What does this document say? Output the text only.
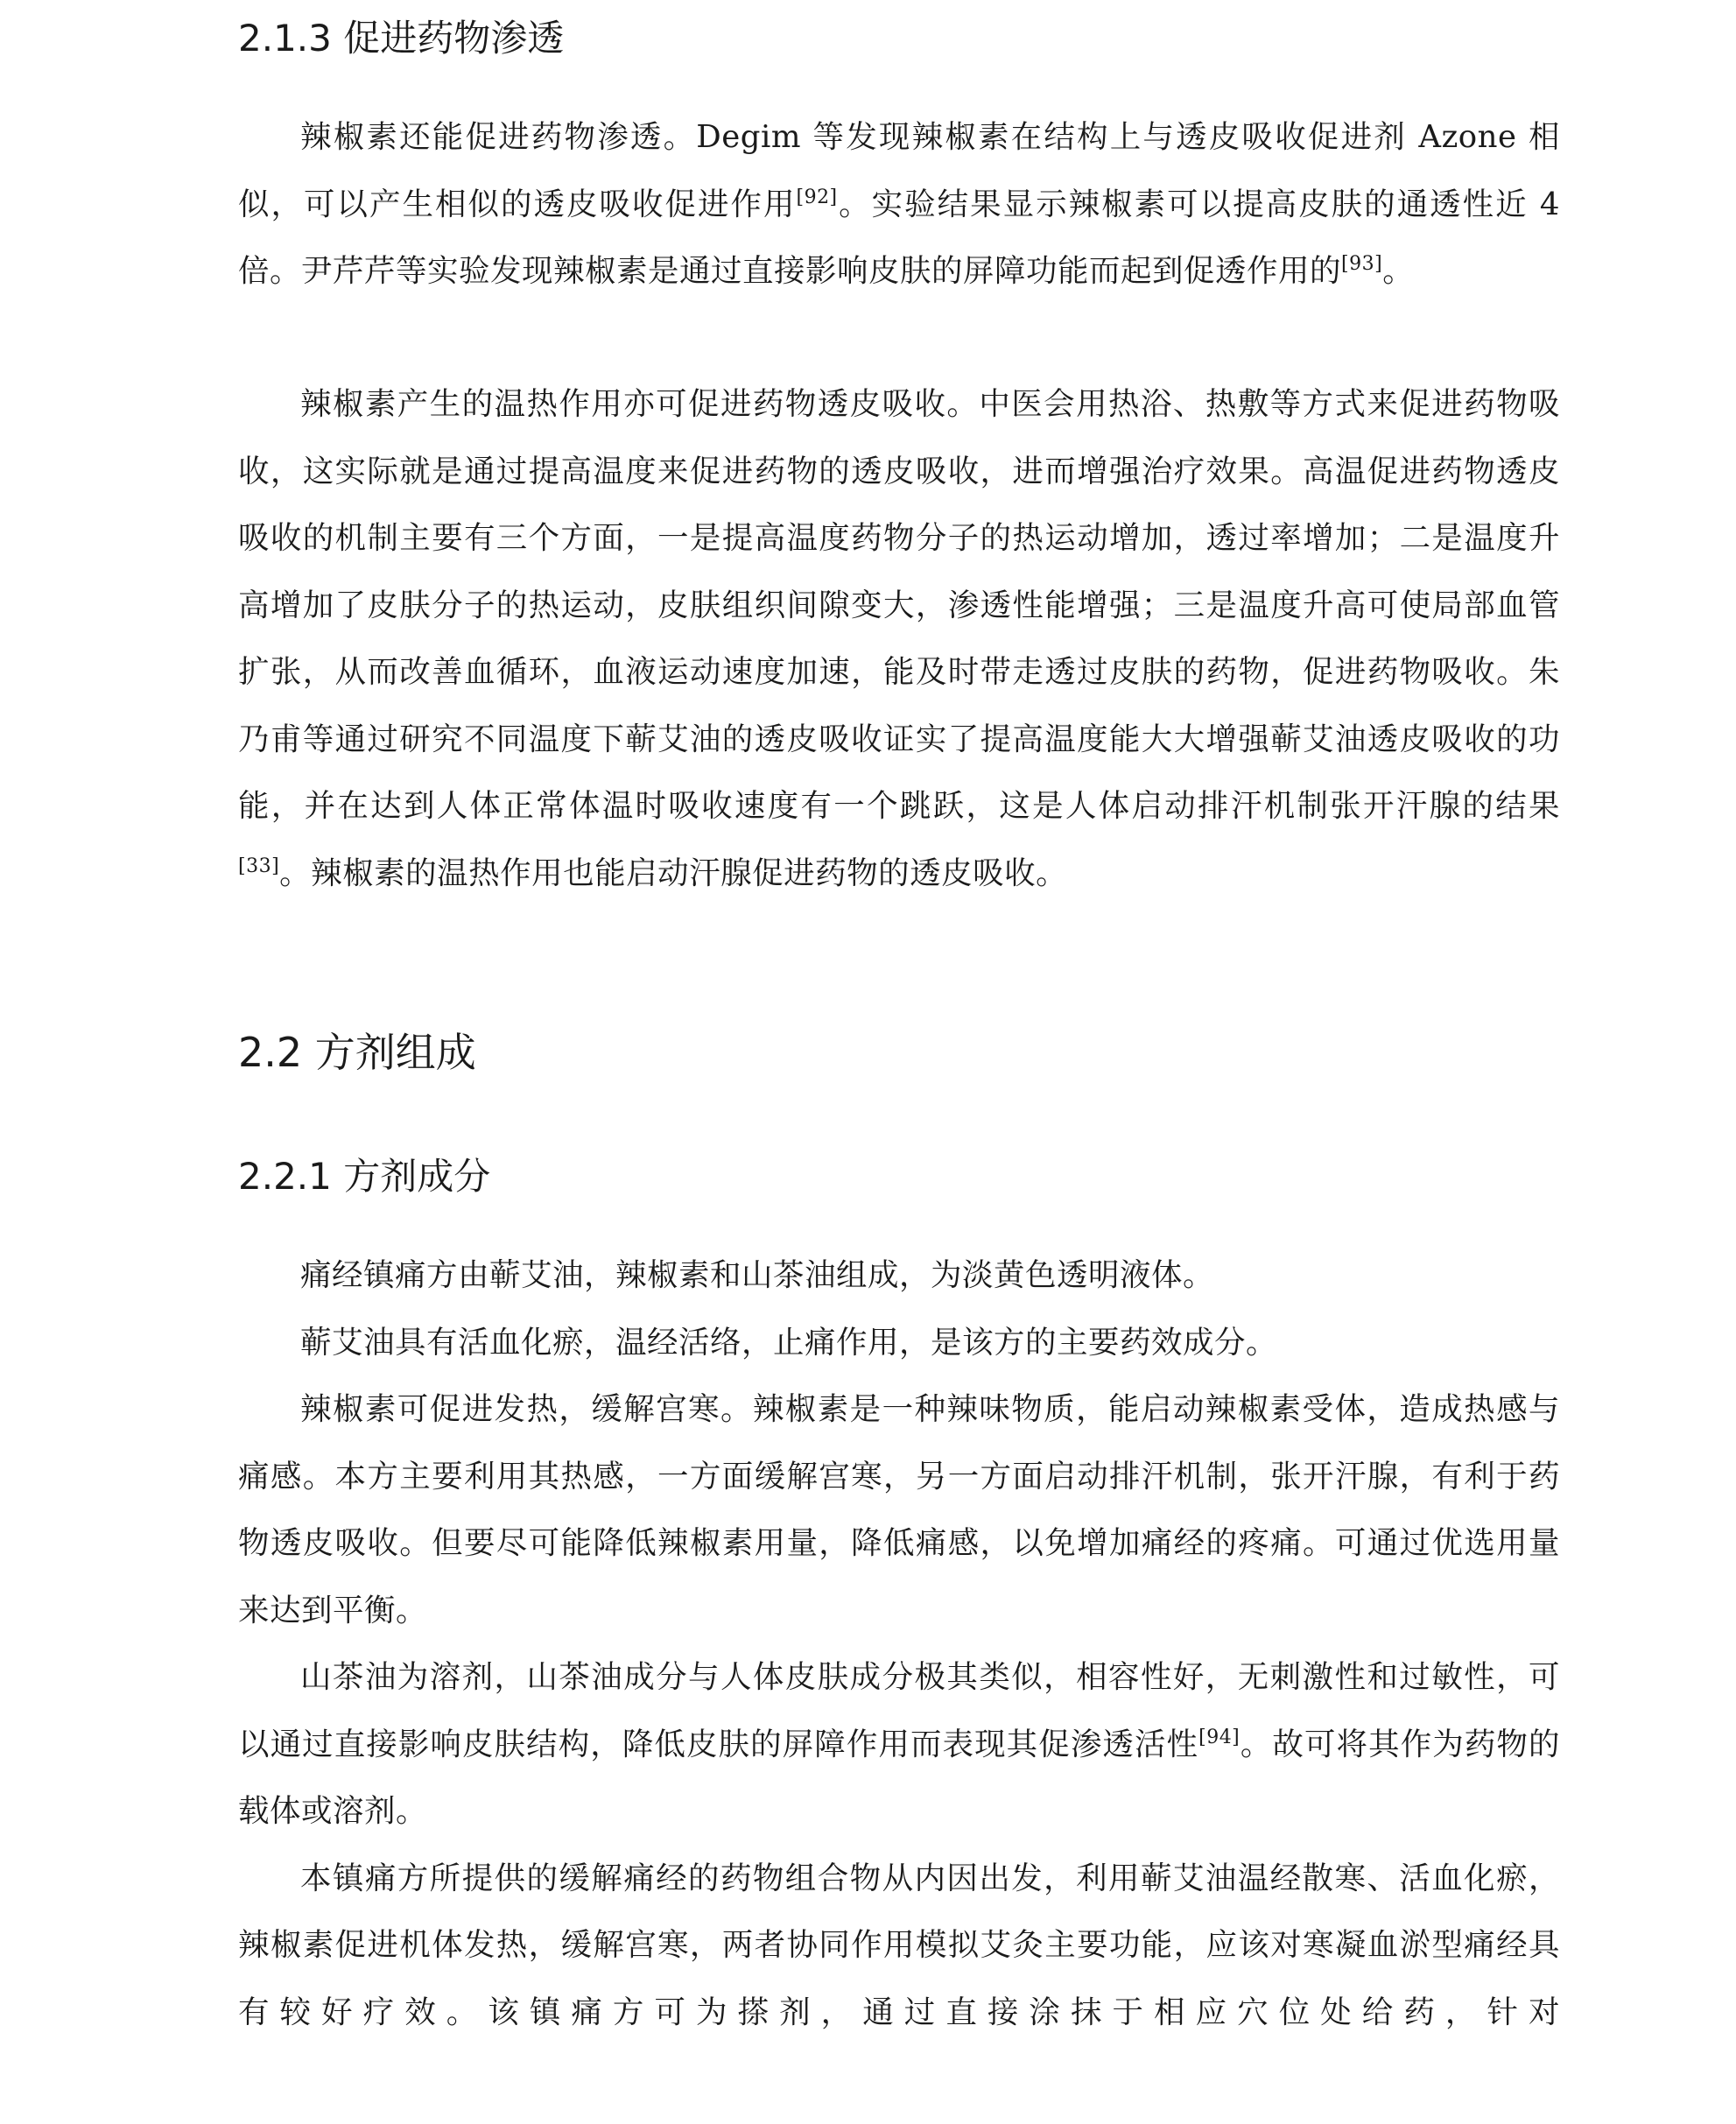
2.1.3 促进药物渗透

辣椒素还能促进药物渗透。Degim 等发现辣椒素在结构上与透皮吸收促进剂 Azone 相似，可以产生相似的透皮吸收促进作用[92]。实验结果显示辣椒素可以提高皮肤的通透性近 4 倍。尹芹芹等实验发现辣椒素是通过直接影响皮肤的屏障功能而起到促透作用的[93]。

辣椒素产生的温热作用亦可促进药物透皮吸收。中医会用热浴、热敷等方式来促进药物吸收，这实际就是通过提高温度来促进药物的透皮吸收，进而增强治疗效果。高温促进药物透皮吸收的机制主要有三个方面，一是提高温度药物分子的热运动增加，透过率增加；二是温度升高增加了皮肤分子的热运动，皮肤组织间隙变大，渗透性能增强；三是温度升高可使局部血管扩张，从而改善血循环，血液运动速度加速，能及时带走透过皮肤的药物，促进药物吸收。朱乃甫等通过研究不同温度下蕲艾油的透皮吸收证实了提高温度能大大增强蕲艾油透皮吸收的功能，并在达到人体正常体温时吸收速度有一个跳跃，这是人体启动排汗机制张开汗腺的结果[33]。辣椒素的温热作用也能启动汗腺促进药物的透皮吸收。

2.2 方剂组成
2.2.1 方剂成分

痛经镇痛方由蕲艾油，辣椒素和山茶油组成，为淡黄色透明液体。

蕲艾油具有活血化瘀，温经活络，止痛作用，是该方的主要药效成分。

辣椒素可促进发热，缓解宫寒。辣椒素是一种辣味物质，能启动辣椒素受体，造成热感与痛感。本方主要利用其热感，一方面缓解宫寒，另一方面启动排汗机制，张开汗腺，有利于药物透皮吸收。但要尽可能降低辣椒素用量，降低痛感，以免增加痛经的疼痛。可通过优选用量来达到平衡。

山茶油为溶剂，山茶油成分与人体皮肤成分极其类似，相容性好，无刺激性和过敏性，可以通过直接影响皮肤结构，降低皮肤的屏障作用而表现其促渗透活性[94]。故可将其作为药物的载体或溶剂。

本镇痛方所提供的缓解痛经的药物组合物从内因出发，利用蕲艾油温经散寒、活血化瘀，辣椒素促进机体发热，缓解宫寒，两者协同作用模拟艾灸主要功能，应该对寒凝血淤型痛经具有较好疗效。该镇痛方可为搽剂，通过直接涂抹于相应穴位处给药，针对
